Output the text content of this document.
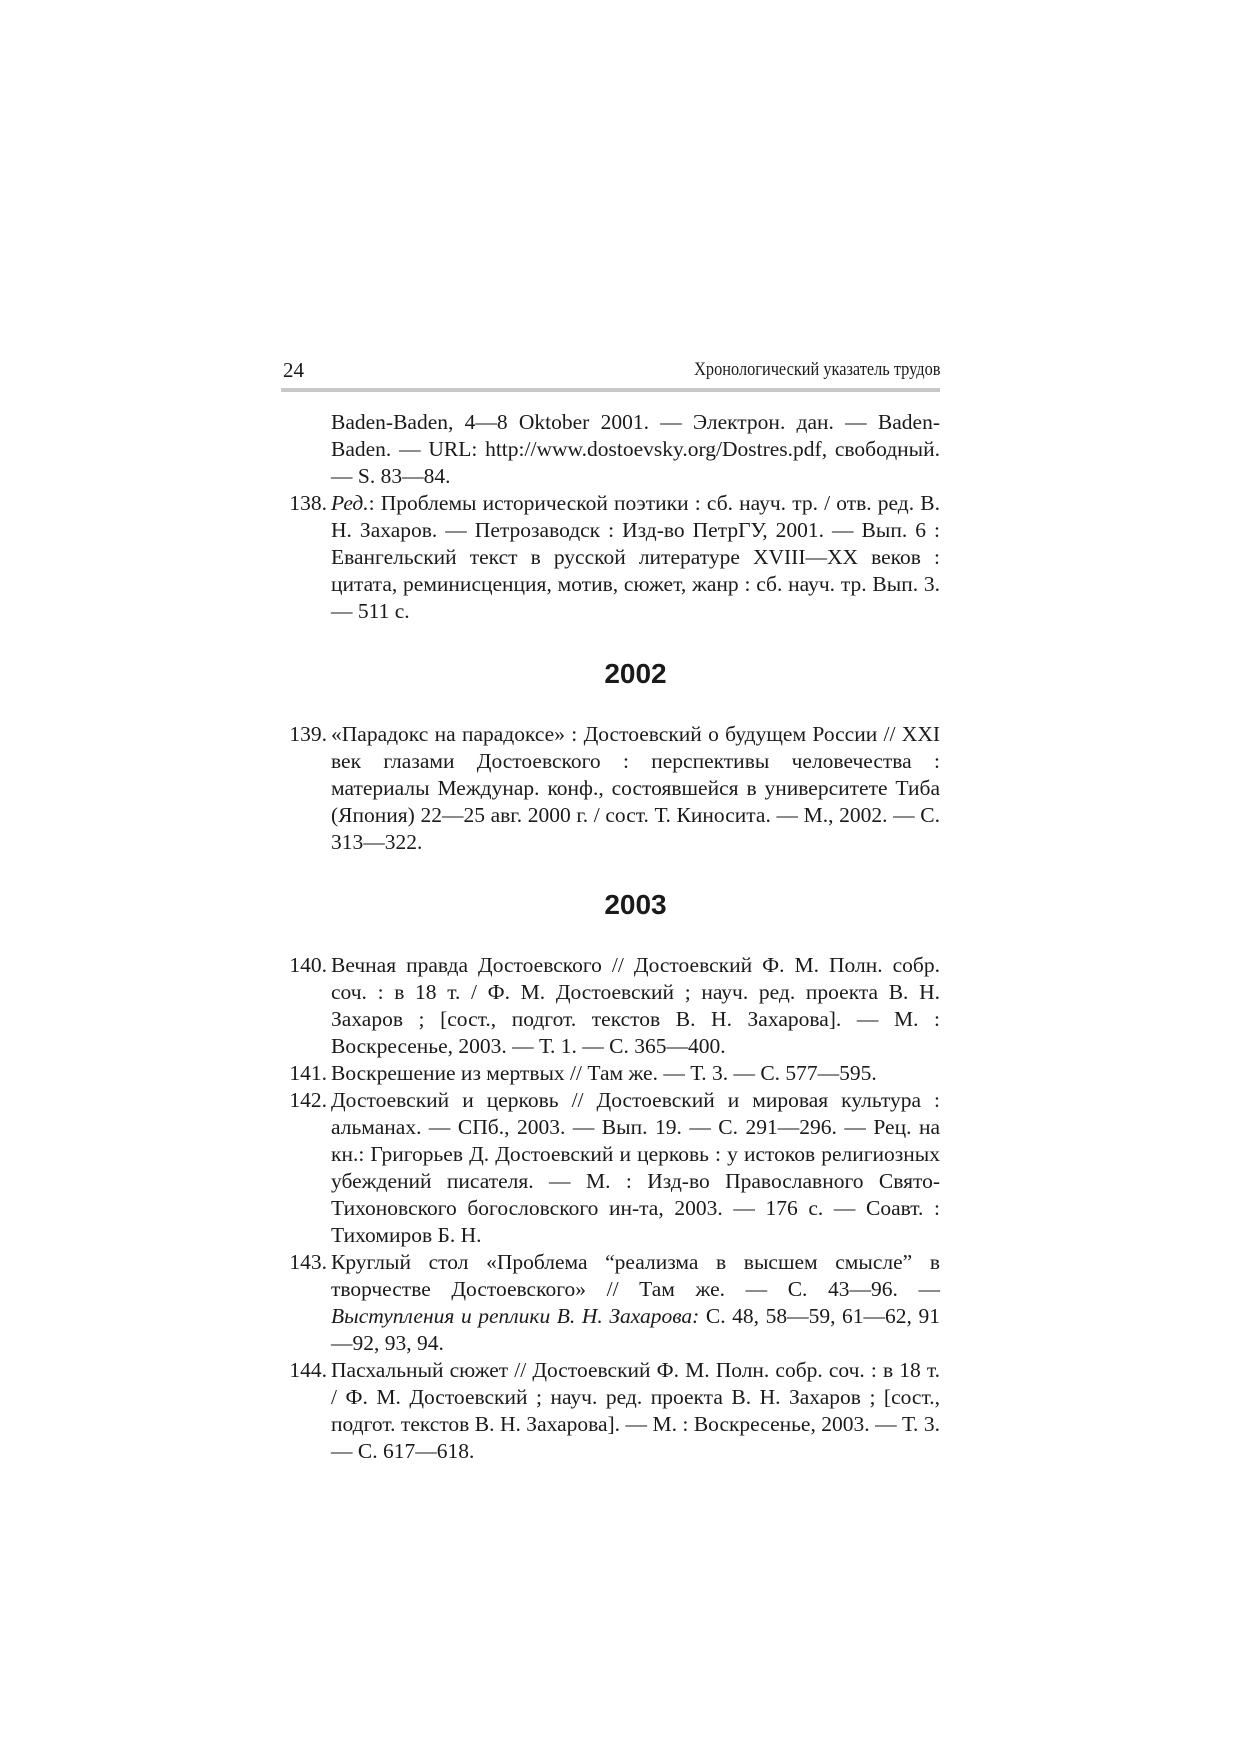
24	Хронологический указатель трудов
Baden-Baden, 4—8 Oktober 2001. — Электрон. дан. — Baden-Baden. — URL: http://www.dostoevsky.org/Dostres.pdf, свободный. — S. 83—84.
138. Ред.: Проблемы исторической поэтики : сб. науч. тр. / отв. ред. В. Н. Захаров. — Петрозаводск : Изд-во ПетрГУ, 2001. — Вып. 6 : Евангельский текст в русской литературе XVIII—XX веков : цитата, реминисценция, мотив, сюжет, жанр : сб. науч. тр. Вып. 3. — 511 с.
2002
139. «Парадокс на парадоксе» : Достоевский о будущем России // XXI век глазами Достоевского : перспективы человечества : материалы Междунар. конф., состоявшейся в университете Тиба (Япония) 22—25 авг. 2000 г. / сост. Т. Киносита. — М., 2002. — С. 313—322.
2003
140. Вечная правда Достоевского // Достоевский Ф. М. Полн. собр. соч. : в 18 т. / Ф. М. Достоевский ; науч. ред. проекта В. Н. Захаров ; [сост., подгот. текстов В. Н. Захарова]. — М. : Воскресенье, 2003. — Т. 1. — С. 365—400.
141. Воскрешение из мертвых // Там же. — Т. 3. — С. 577—595.
142. Достоевский и церковь // Достоевский и мировая культура : альманах. — СПб., 2003. — Вып. 19. — С. 291—296. — Рец. на кн.: Григорьев Д. Достоевский и церковь : у истоков религиозных убеждений писателя. — М. : Изд-во Православного Свято-Тихоновского богословского ин-та, 2003. — 176 с. — Соавт. : Тихомиров Б. Н.
143. Круглый стол «Проблема “реализма в высшем смысле” в творчестве Достоевского» // Там же. — С. 43—96. — Выступления и реплики В. Н. Захарова: С. 48, 58—59, 61—62, 91—92, 93, 94.
144. Пасхальный сюжет // Достоевский Ф. М. Полн. собр. соч. : в 18 т. / Ф. М. Достоевский ; науч. ред. проекта В. Н. Захаров ; [сост., подгот. текстов В. Н. Захарова]. — М. : Воскресенье, 2003. — Т. 3. — С. 617—618.
